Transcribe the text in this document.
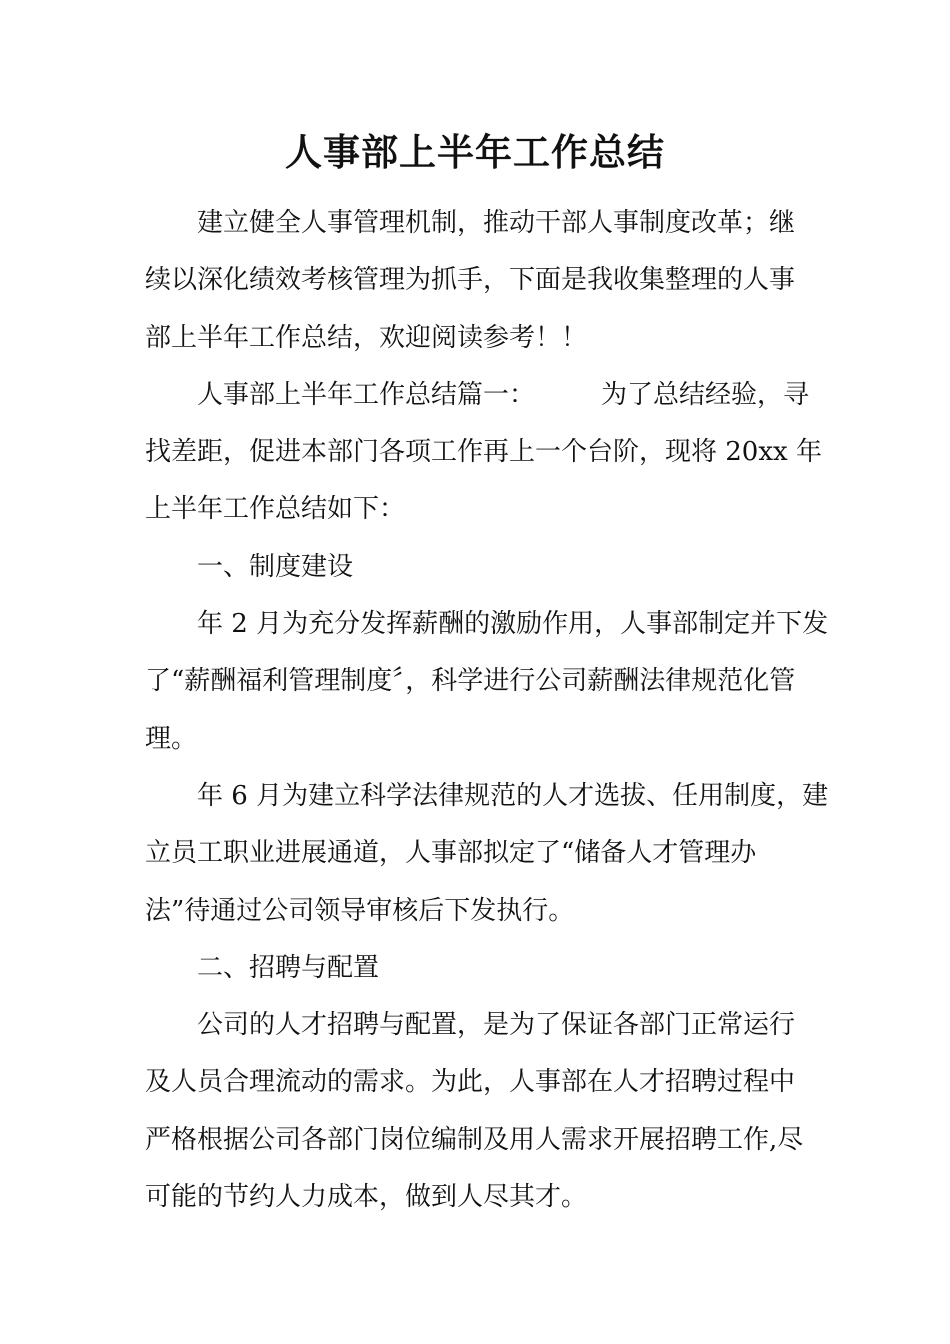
人事部上半年工作总结
建立健全人事管理机制，推动干部人事制度改革；继
续以深化绩效考核管理为抓手，下面是我收集整理的人事
部上半年工作总结，欢迎阅读参考！！
人事部上半年工作总结篇一：	为了总结经验，寻
找差距，促进本部门各项工作再上一个台阶，现将 20xx 年
上半年工作总结如下：
一、制度建设
年 2 月为充分发挥薪酬的激励作用，人事部制定并下发
了“薪酬福利管理制度〞，科学进行公司薪酬法律规范化管
理。
年 6 月为建立科学法律规范的人才选拔、任用制度，建
立员工职业进展通道，人事部拟定了“储备人才管理办
法”待通过公司领导审核后下发执行。
二、招聘与配置
公司的人才招聘与配置，是为了保证各部门正常运行
及人员合理流动的需求。为此，人事部在人才招聘过程中
严格根据公司各部门岗位编制及用人需求开展招聘工作,尽
可能的节约人力成本，做到人尽其才。
